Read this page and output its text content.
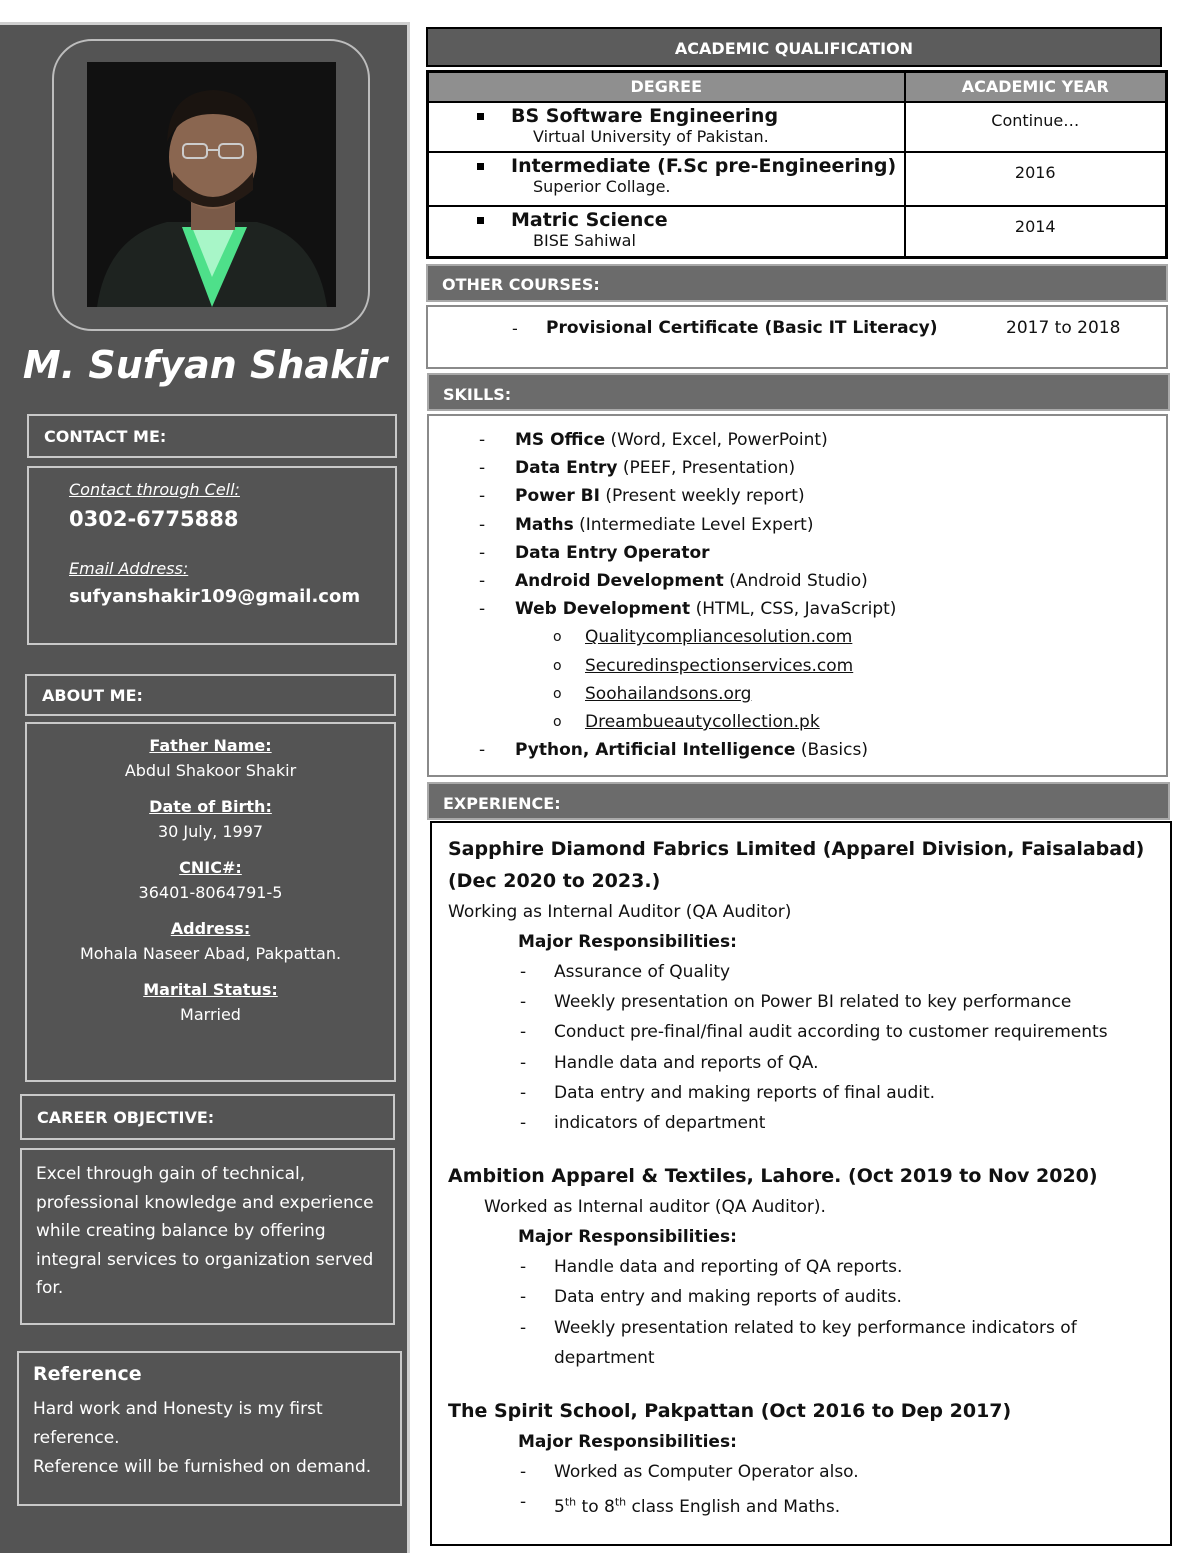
M. Sufyan Shakir
CONTACT ME:
Contact through Cell:
0302-6775888
Email Address:
sufyanshakir109@gmail.com
ABOUT ME:
Father Name:
Abdul Shakoor Shakir
Date of Birth:
30 July, 1997
CNIC#:
36401-8064791-5
Address:
Mohala Naseer Abad, Pakpattan.
Marital Status:
Married
CAREER OBJECTIVE:
Excel through gain of technical, professional knowledge and experience while creating balance by offering integral services to organization served for.
Reference
Hard work and Honesty is my first reference.
Reference will be furnished on demand.
ACADEMIC QUALIFICATION
DEGREE	ACADEMIC YEAR

BS Software Engineering
Virtual University of Pakistan.	Continue…

Intermediate (F.Sc pre-Engineering)
Superior Collage.	2016

Matric Science
BISE Sahiwal	2014
OTHER COURSES:
- Provisional Certificate (Basic IT Literacy)	2017 to 2018
SKILLS:
- MS Office (Word, Excel, PowerPoint)
- Data Entry (PEEF, Presentation)
- Power BI (Present weekly report)
- Maths (Intermediate Level Expert)
- Data Entry Operator
- Android Development (Android Studio)
- Web Development (HTML, CSS, JavaScript)
o Qualitycompliancesolution.com
o Securedinspectionservices.com
o Soohailandsons.org
o Dreambueautycollection.pk
- Python, Artificial Intelligence (Basics)
EXPERIENCE:
Sapphire Diamond Fabrics Limited (Apparel Division, Faisalabad)
(Dec 2020 to 2023.)
Working as Internal Auditor (QA Auditor)
Major Responsibilities:
- Assurance of Quality
- Weekly presentation on Power BI related to key performance
- Conduct pre-final/final audit according to customer requirements
- Handle data and reports of QA.
- Data entry and making reports of final audit.
- indicators of department
Ambition Apparel & Textiles, Lahore. (Oct 2019 to Nov 2020)
Worked as Internal auditor (QA Auditor).
Major Responsibilities:
- Handle data and reporting of QA reports.
- Data entry and making reports of audits.
- Weekly presentation related to key performance indicators of department
The Spirit School, Pakpattan (Oct 2016 to Dep 2017)
Major Responsibilities:
- Worked as Computer Operator also.
- 5th to 8th class English and Maths.
